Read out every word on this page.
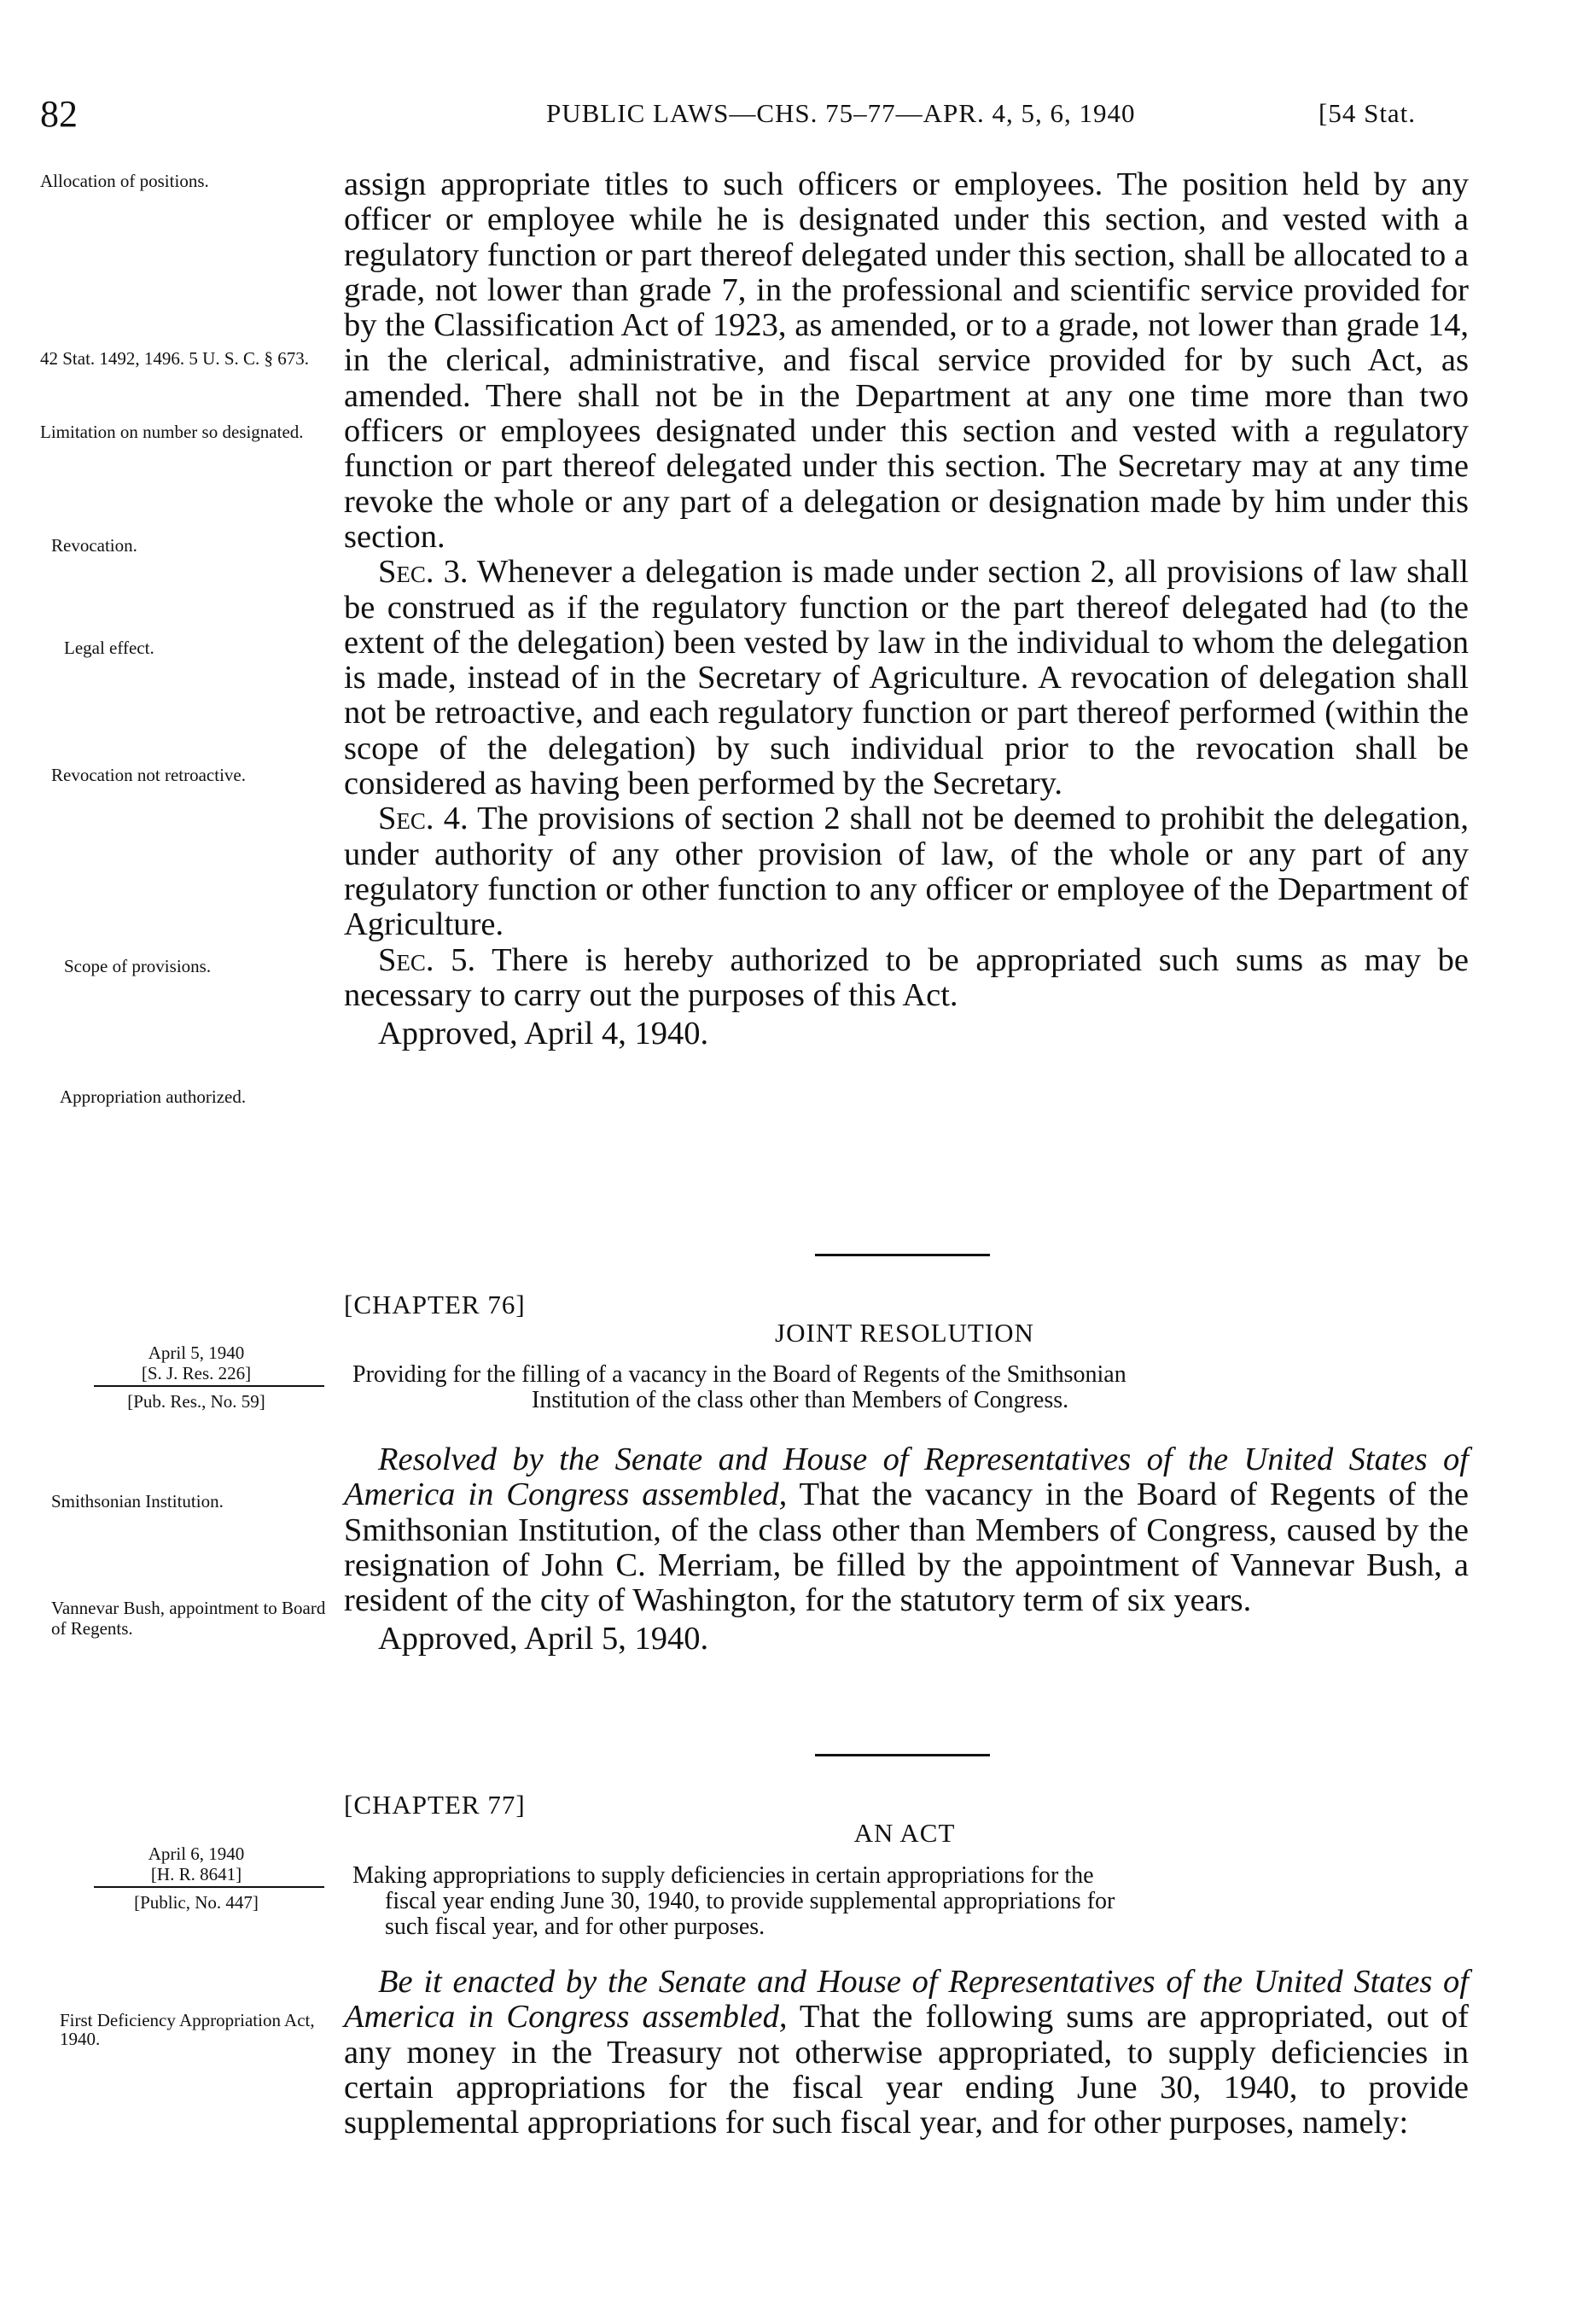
82	PUBLIC LAWS—CHS. 75–77—APR. 4, 5, 6, 1940	[54 Stat.
Allocation of positions.
42 Stat. 1492, 1496. 5 U. S. C. § 673.
Limitation on number so designated.
Revocation.
Legal effect.
Revocation not retroactive.
Scope of provisions.
Appropriation authorized.

assign appropriate titles to such officers or employees. The position held by any officer or employee while he is designated under this section, and vested with a regulatory function or part thereof delegated under this section, shall be allocated to a grade, not lower than grade 7, in the professional and scientific service provided for by the Classification Act of 1923, as amended, or to a grade, not lower than grade 14, in the clerical, administrative, and fiscal service provided for by such Act, as amended. There shall not be in the Department at any one time more than two officers or employees designated under this section and vested with a regulatory function or part thereof delegated under this section. The Secretary may at any time revoke the whole or any part of a delegation or designation made by him under this section.

Sec. 3. Whenever a delegation is made under section 2, all provisions of law shall be construed as if the regulatory function or the part thereof delegated had (to the extent of the delegation) been vested by law in the individual to whom the delegation is made, instead of in the Secretary of Agriculture. A revocation of delegation shall not be retroactive, and each regulatory function or part thereof performed (within the scope of the delegation) by such individual prior to the revocation shall be considered as having been performed by the Secretary.

Sec. 4. The provisions of section 2 shall not be deemed to prohibit the delegation, under authority of any other provision of law, of the whole or any part of any regulatory function or other function to any officer or employee of the Department of Agriculture.

Sec. 5. There is hereby authorized to be appropriated such sums as may be necessary to carry out the purposes of this Act.

Approved, April 4, 1940.

[CHAPTER 76]
JOINT RESOLUTION
April 5, 1940
[S. J. Res. 226]
[Pub. Res., No. 59]
Providing for the filling of a vacancy in the Board of Regents of the Smithsonian
Institution of the class other than Members of Congress.
Smithsonian Institution.
Vannevar Bush, appointment to Board of Regents.

Resolved by the Senate and House of Representatives of the United States of America in Congress assembled, That the vacancy in the Board of Regents of the Smithsonian Institution, of the class other than Members of Congress, caused by the resignation of John C. Merriam, be filled by the appointment of Vannevar Bush, a resident of the city of Washington, for the statutory term of six years.

Approved, April 5, 1940.

[CHAPTER 77]
AN ACT
April 6, 1940
[H. R. 8641]
[Public, No. 447]
Making appropriations to supply deficiencies in certain appropriations for the
fiscal year ending June 30, 1940, to provide supplemental appropriations for
such fiscal year, and for other purposes.
First Deficiency Appropriation Act, 1940.

Be it enacted by the Senate and House of Representatives of the United States of America in Congress assembled, That the following sums are appropriated, out of any money in the Treasury not otherwise appropriated, to supply deficiencies in certain appropriations for the fiscal year ending June 30, 1940, to provide supplemental appropriations for such fiscal year, and for other purposes, namely:
